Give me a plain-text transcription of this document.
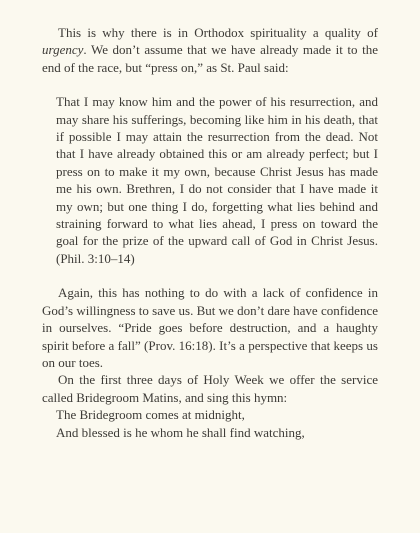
This is why there is in Orthodox spirituality a quality of urgency. We don’t assume that we have already made it to the end of the race, but “press on,” as St. Paul said:

That I may know him and the power of his resurrection, and may share his sufferings, becoming like him in his death, that if possible I may attain the resurrection from the dead. Not that I have already obtained this or am already perfect; but I press on to make it my own, because Christ Jesus has made me his own. Brethren, I do not consider that I have made it my own; but one thing I do, forgetting what lies behind and straining forward to what lies ahead, I press on toward the goal for the prize of the upward call of God in Christ Jesus. (Phil. 3:10–14)

Again, this has nothing to do with a lack of confidence in God’s willingness to save us. But we don’t dare have confidence in ourselves. “Pride goes before destruction, and a haughty spirit before a fall” (Prov. 16:18). It’s a perspective that keeps us on our toes.

On the first three days of Holy Week we offer the service called Bridegroom Matins, and sing this hymn:

The Bridegroom comes at midnight,
And blessed is he whom he shall find watching,
